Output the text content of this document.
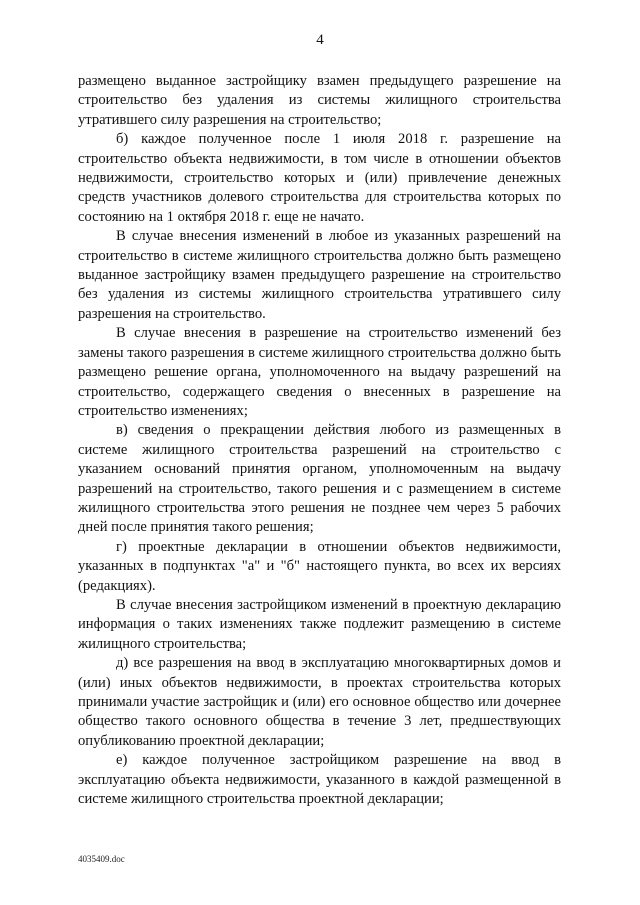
4

размещено выданное застройщику взамен предыдущего разрешение на строительство без удаления из системы жилищного строительства утратившего силу разрешения на строительство;

б) каждое полученное после 1 июля 2018 г. разрешение на строительство объекта недвижимости, в том числе в отношении объектов недвижимости, строительство которых и (или) привлечение денежных средств участников долевого строительства для строительства которых по состоянию на 1 октября 2018 г. еще не начато.

В случае внесения изменений в любое из указанных разрешений на строительство в системе жилищного строительства должно быть размещено выданное застройщику взамен предыдущего разрешение на строительство без удаления из системы жилищного строительства утратившего силу разрешения на строительство.

В случае внесения в разрешение на строительство изменений без замены такого разрешения в системе жилищного строительства должно быть размещено решение органа, уполномоченного на выдачу разрешений на строительство, содержащего сведения о внесенных в разрешение на строительство изменениях;

в) сведения о прекращении действия любого из размещенных в системе жилищного строительства разрешений на строительство с указанием оснований принятия органом, уполномоченным на выдачу разрешений на строительство, такого решения и с размещением в системе жилищного строительства этого решения не позднее чем через 5 рабочих дней после принятия такого решения;

г) проектные декларации в отношении объектов недвижимости, указанных в подпунктах "а" и "б" настоящего пункта, во всех их версиях (редакциях).

В случае внесения застройщиком изменений в проектную декларацию информация о таких изменениях также подлежит размещению в системе жилищного строительства;

д) все разрешения на ввод в эксплуатацию многоквартирных домов и (или) иных объектов недвижимости, в проектах строительства которых принимали участие застройщик и (или) его основное общество или дочернее общество такого основного общества в течение 3 лет, предшествующих опубликованию проектной декларации;

е) каждое полученное застройщиком разрешение на ввод в эксплуатацию объекта недвижимости, указанного в каждой размещенной в системе жилищного строительства проектной декларации;

4035409.doc
